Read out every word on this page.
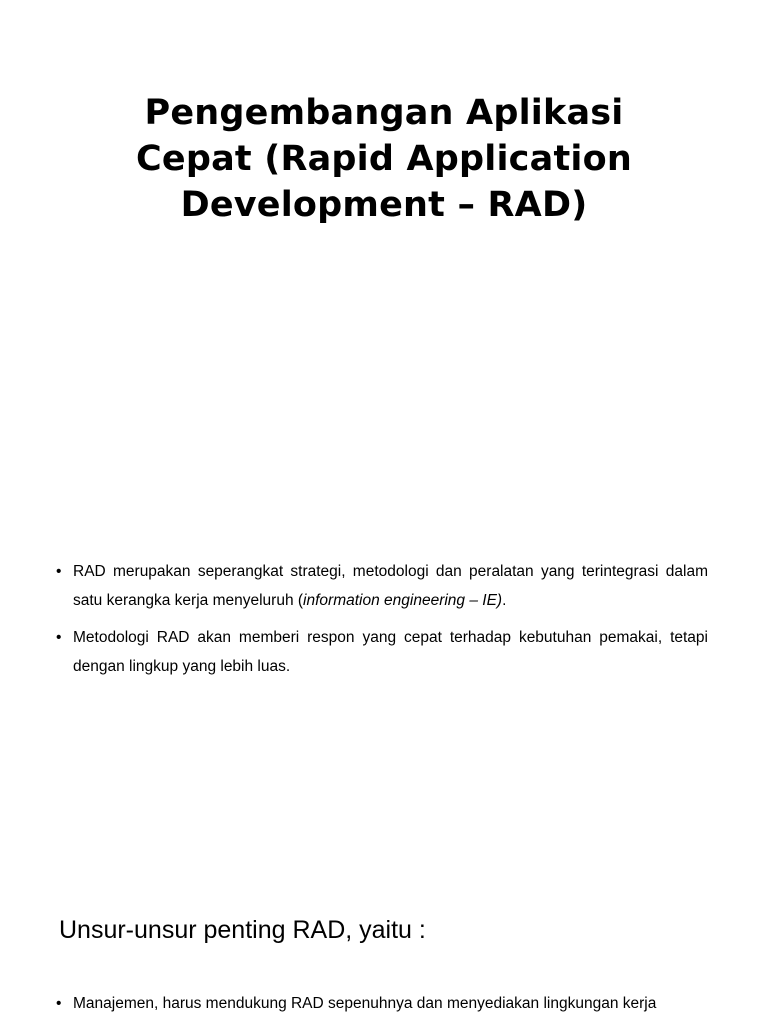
Pengembangan Aplikasi
Cepat (Rapid Application
Development – RAD)
• RAD merupakan seperangkat strategi, metodologi dan peralatan yang terintegrasi dalam satu kerangka kerja menyeluruh (information engineering – IE).
• Metodologi RAD akan memberi respon yang cepat terhadap kebutuhan pemakai, tetapi dengan lingkup yang lebih luas.
Unsur-unsur penting RAD, yaitu :
• Manajemen, harus mendukung RAD sepenuhnya dan menyediakan lingkungan kerja
